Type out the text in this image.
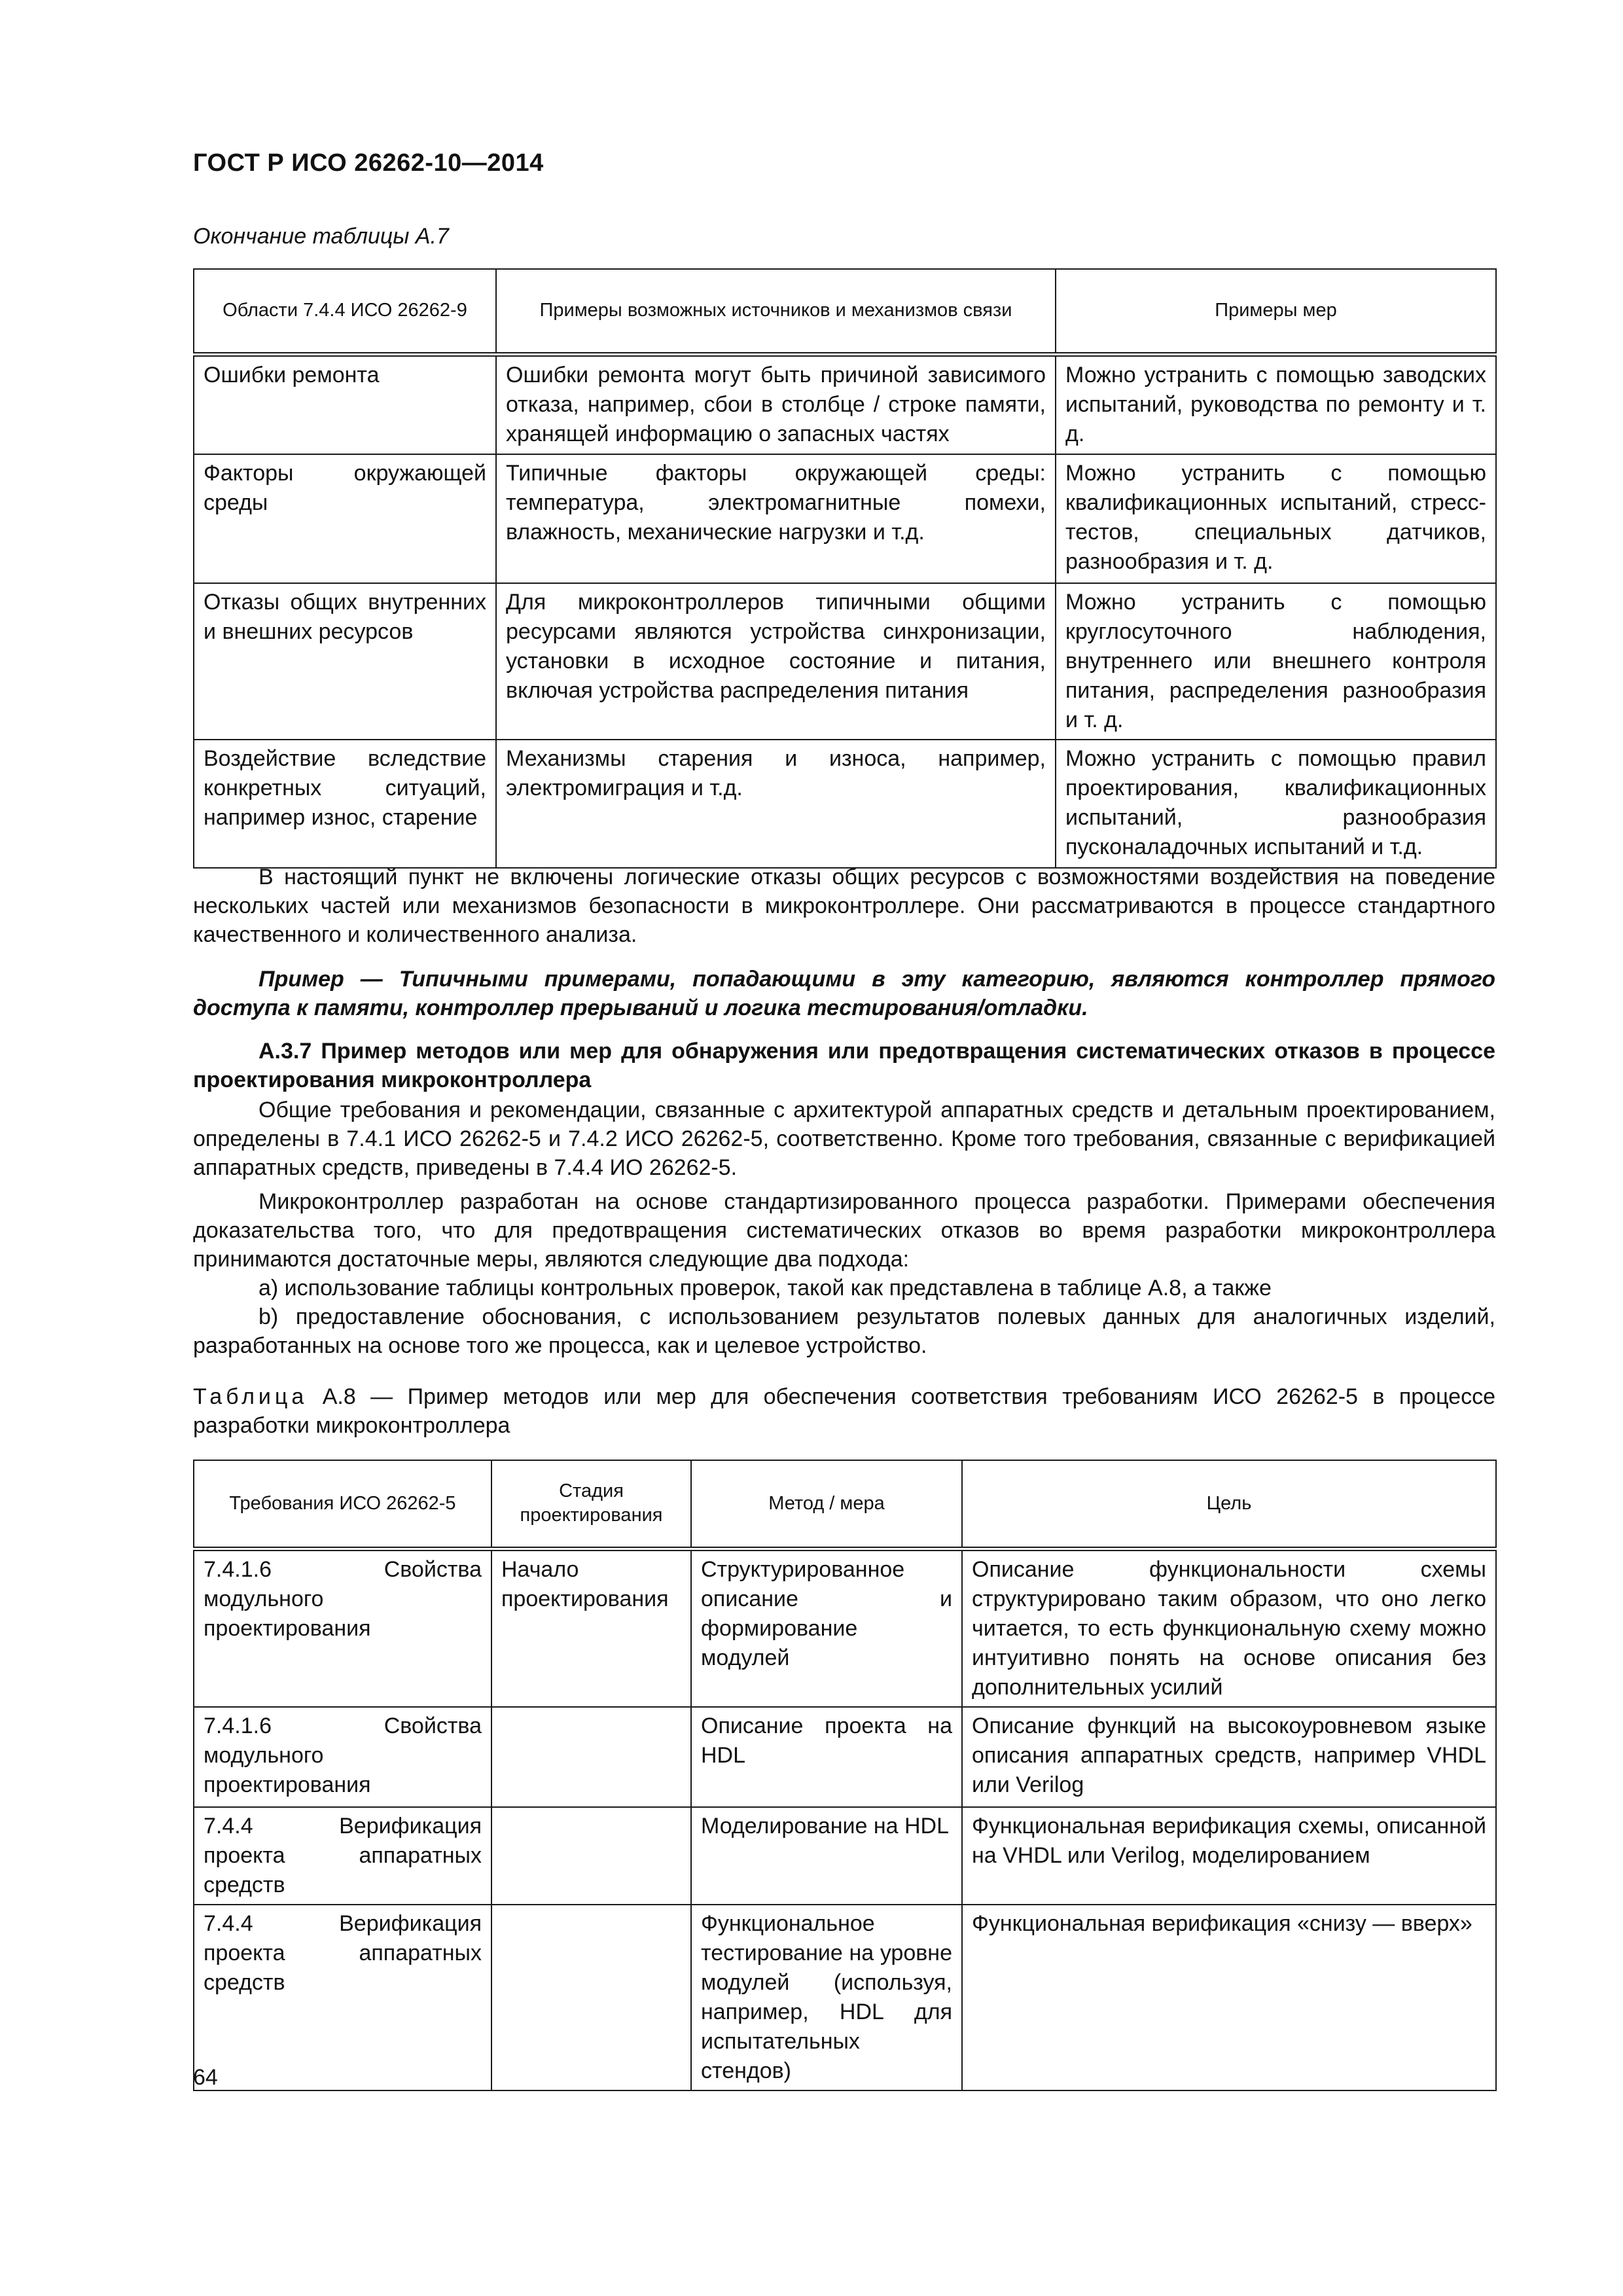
ГОСТ Р ИСО 26262-10—2014
Окончание таблицы А.7
Области 7.4.4 ИСО 26262-9	Примеры возможных источников и механизмов связи	Примеры мер
Ошибки ремонта	Ошибки ремонта могут быть причиной зависимого отказа, например, сбои в столбце / строке памяти, хранящей информацию о запасных частях	Можно устранить с помощью заводских испытаний, руководства по ремонту и т. д.
Факторы окружающей среды	Типичные факторы окружающей среды: температура, электромагнитные помехи, влажность, механические нагрузки и т.д.	Можно устранить с помощью квалификационных испытаний, стресс-тестов, специальных датчиков, разнообразия и т. д.
Отказы общих внутренних и внешних ресурсов	Для микроконтроллеров типичными общими ресурсами являются устройства синхронизации, установки в исходное состояние и питания, включая устройства распределения питания	Можно устранить с помощью круглосуточного наблюдения, внутреннего или внешнего контроля питания, распределения разнообразия и т. д.
Воздействие вследствие конкретных ситуаций, например износ, старение	Механизмы старения и износа, например, электромиграция и т.д.	Можно устранить с помощью правил проектирования, квалификационных испытаний, разнообразия пусконаладочных испытаний и т.д.
В настоящий пункт не включены логические отказы общих ресурсов с возможностями воздействия на поведение нескольких частей или механизмов безопасности в микроконтроллере. Они рассматриваются в процессе стандартного качественного и количественного анализа.
Пример — Типичными примерами, попадающими в эту категорию, являются контроллер прямого доступа к памяти, контроллер прерываний и логика тестирования/отладки.
А.3.7 Пример методов или мер для обнаружения или предотвращения систематических отказов в процессе проектирования микроконтроллера
Общие требования и рекомендации, связанные с архитектурой аппаратных средств и детальным проектированием, определены в 7.4.1 ИСО 26262-5 и 7.4.2 ИСО 26262-5, соответственно. Кроме того требования, связанные с верификацией аппаратных средств, приведены в 7.4.4 ИО 26262-5.
Микроконтроллер разработан на основе стандартизированного процесса разработки. Примерами обеспечения доказательства того, что для предотвращения систематических отказов во время разработки микроконтроллера принимаются достаточные меры, являются следующие два подхода:
a) использование таблицы контрольных проверок, такой как представлена в таблице А.8, а также
b) предоставление обоснования, с использованием результатов полевых данных для аналогичных изделий, разработанных на основе того же процесса, как и целевое устройство.
Таблица А.8 — Пример методов или мер для обеспечения соответствия требованиям ИСО 26262-5 в процессе разработки микроконтроллера
Требования ИСО 26262-5	Стадия проектирования	Метод / мера	Цель
7.4.1.6 Свойства модульного проектирования	Начало проектирования	Структурированное описание и формирование модулей	Описание функциональности схемы структурировано таким образом, что оно легко читается, то есть функциональную схему можно интуитивно понять на основе описания без дополнительных усилий
7.4.1.6 Свойства модульного проектирования		Описание проекта на HDL	Описание функций на высокоуровневом языке описания аппаратных средств, например VHDL или Verilog
7.4.4 Верификация проекта аппаратных средств		Моделирование на HDL	Функциональная верификация схемы, описанной на VHDL или Verilog, моделированием
7.4.4 Верификация проекта аппаратных средств		Функциональное тестирование на уровне модулей (используя, например, HDL для испытательных стендов)	Функциональная верификация «снизу — вверх»
64
